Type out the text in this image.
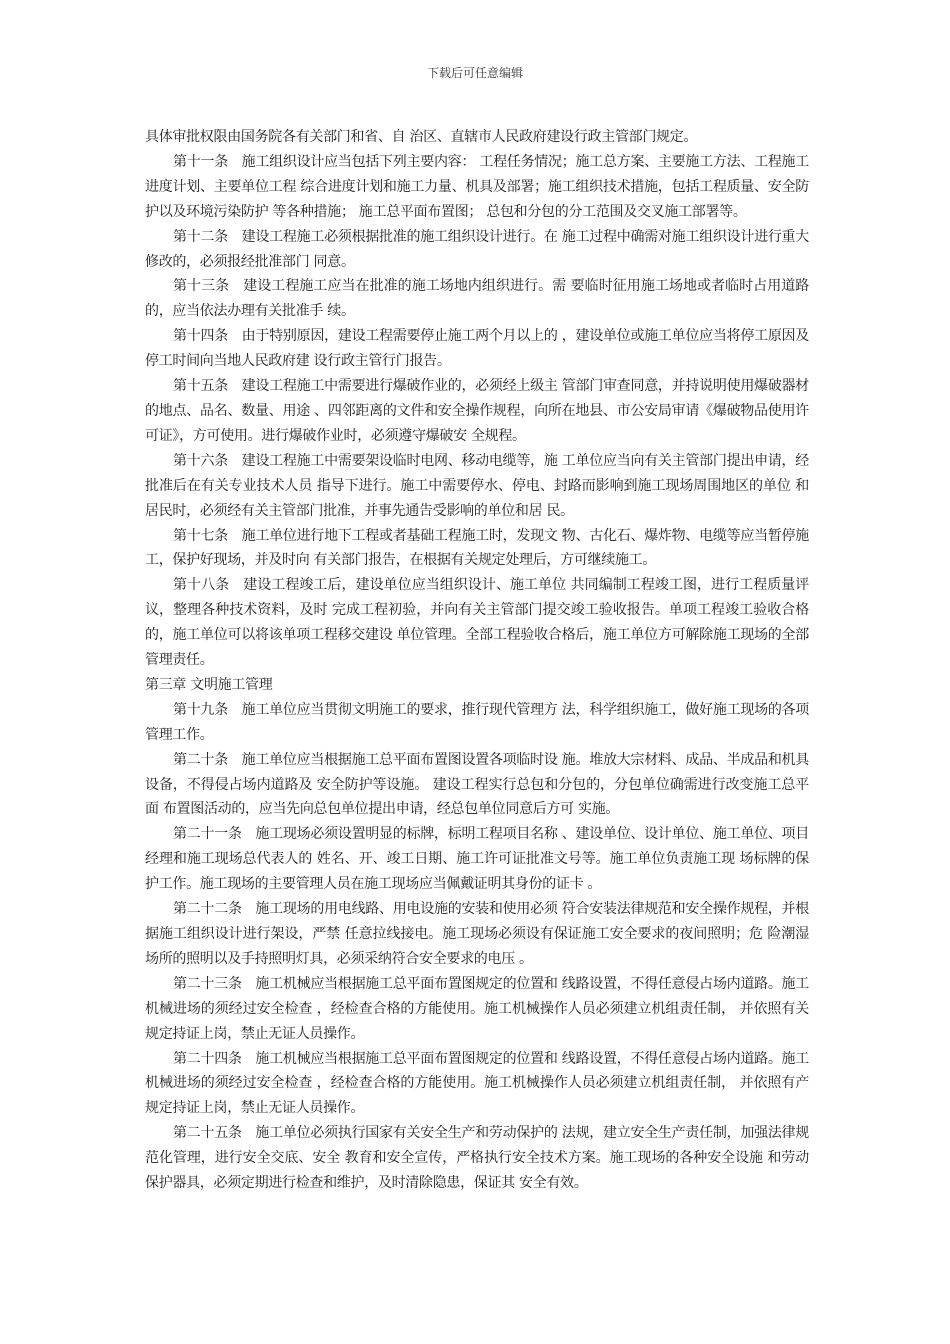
下载后可任意编辑

具体审批权限由国务院各有关部门和省、自 治区、直辖市人民政府建设行政主管部门规定。

第十一条　施工组织设计应当包括下列主要内容： 工程任务情况；施工总方案、主要施工方法、工程施工进度计划、主要单位工程 综合进度计划和施工力量、机具及部署；施工组织技术措施，包括工程质量、安全防护以及环境污染防护 等各种措施； 施工总平面布置图； 总包和分包的分工范围及交叉施工部署等。

第十二条　建设工程施工必须根据批准的施工组织设计进行。在 施工过程中确需对施工组织设计进行重大修改的，必须报经批准部门 同意。

第十三条　建设工程施工应当在批准的施工场地内组织进行。需 要临时征用施工场地或者临时占用道路的，应当依法办理有关批准手 续。

第十四条　由于特别原因，建设工程需要停止施工两个月以上的 ，建设单位或施工单位应当将停工原因及停工时间向当地人民政府建 设行政主管行门报告。

第十五条　建设工程施工中需要进行爆破作业的，必须经上级主 管部门审查同意，并持说明使用爆破器材的地点、品名、数量、用途 、四邻距离的文件和安全操作规程，向所在地县、市公安局审请《爆破物品使用许可证》，方可使用。进行爆破作业时，必须遵守爆破安 全规程。

第十六条　建设工程施工中需要架设临时电网、移动电缆等，施 工单位应当向有关主管部门提出申请，经批准后在有关专业技术人员 指导下进行。施工中需要停水、停电、封路而影响到施工现场周围地区的单位 和居民时，必须经有关主管部门批准，并事先通告受影响的单位和居 民。

第十七条　施工单位进行地下工程或者基础工程施工时，发现文 物、古化石、爆炸物、电缆等应当暂停施工，保护好现场，并及时向 有关部门报告，在根据有关规定处理后，方可继续施工。

第十八条　建设工程竣工后，建设单位应当组织设计、施工单位 共同编制工程竣工图，进行工程质量评议，整理各种技术资料，及时 完成工程初验，并向有关主管部门提交竣工验收报告。单项工程竣工验收合格的，施工单位可以将该单项工程移交建设 单位管理。全部工程验收合格后，施工单位方可解除施工现场的全部 管理责任。

第三章 文明施工管理

第十九条　施工单位应当贯彻文明施工的要求，推行现代管理方 法，科学组织施工，做好施工现场的各项管理工作。

第二十条　施工单位应当根据施工总平面布置图设置各项临时设 施。堆放大宗材料、成品、半成品和机具设备，不得侵占场内道路及 安全防护等设施。 建设工程实行总包和分包的，分包单位确需进行改变施工总平面 布置图活动的，应当先向总包单位提出申请，经总包单位同意后方可 实施。

第二十一条　施工现场必须设置明显的标牌，标明工程项目名称 、建设单位、设计单位、施工单位、项目经理和施工现场总代表人的 姓名、开、竣工日期、施工许可证批准文号等。施工单位负责施工现 场标牌的保护工作。施工现场的主要管理人员在施工现场应当佩戴证明其身份的证卡 。

第二十二条　施工现场的用电线路、用电设施的安装和使用必须 符合安装法律规范和安全操作规程，并根据施工组织设计进行架设，严禁 任意拉线接电。施工现场必须设有保证施工安全要求的夜间照明；危 险潮湿场所的照明以及手持照明灯具，必须采纳符合安全要求的电压 。

第二十三条　施工机械应当根据施工总平面布置图规定的位置和 线路设置，不得任意侵占场内道路。施工机械进场的须经过安全检查 ，经检查合格的方能使用。施工机械操作人员必须建立机组责任制， 并依照有关规定持证上岗，禁止无证人员操作。

第二十四条　施工机械应当根据施工总平面布置图规定的位置和 线路设置，不得任意侵占场内道路。施工机械进场的须经过安全检查 ，经检查合格的方能使用。施工机械操作人员必须建立机组责任制， 并依照有产规定持证上岗，禁止无证人员操作。

第二十五条　施工单位必须执行国家有关安全生产和劳动保护的 法规，建立安全生产责任制，加强法律规范化管理，进行安全交底、安全 教育和安全宣传，严格执行安全技术方案。施工现场的各种安全设施 和劳动保护器具，必须定期进行检查和维护，及时清除隐患，保证其 安全有效。
